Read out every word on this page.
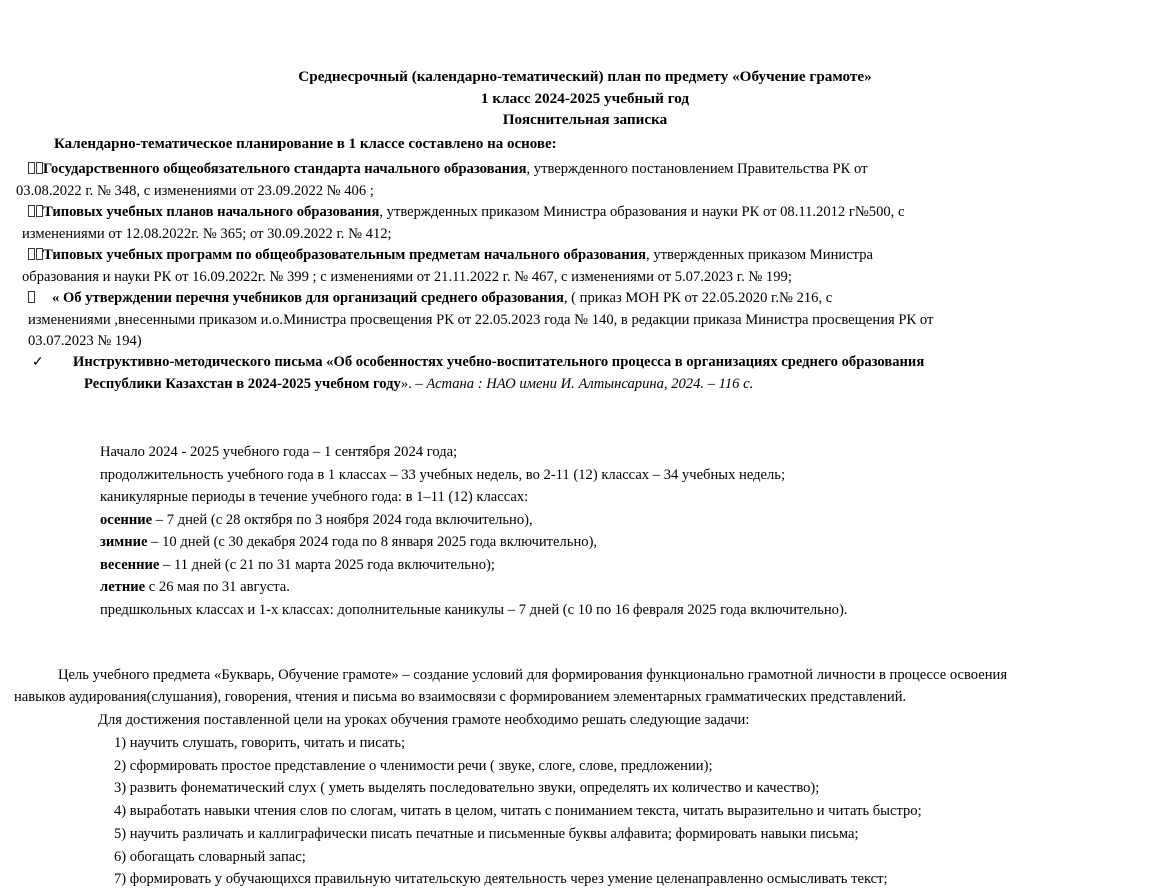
Среднесрочный (календарно-тематический) план по предмету «Обучение грамоте»
1 класс 2024-2025 учебный год
Пояснительная записка
Календарно-тематическое планирование в 1 классе составлено на основе:
Государственного общеобязательного стандарта начального образования, утвержденного постановлением Правительства РК от
03.08.2022 г. № 348, с изменениями от 23.09.2022 № 406 ;
Типовых учебных планов начального образования, утвержденных приказом Министра образования и науки РК от 08.11.2012 г№500, с
изменениями от 12.08.2022г. № 365; от 30.09.2022 г. № 412;
Типовых учебных программ по общеобразовательным предметам начального образования, утвержденных приказом Министра
образования и науки РК от 16.09.2022г. № 399 ; с изменениями от 21.11.2022 г. № 467, с изменениями от 5.07.2023 г. № 199;
« Об утверждении перечня учебников для организаций среднего образования, ( приказ МОН РК от 22.05.2020 г.№ 216, с
изменениями ,внесенными приказом и.о.Министра просвещения РК от 22.05.2023 года № 140, в редакции приказа Министра просвещения РК от
03.07.2023 № 194)
✓ Инструктивно-методического письма «Об особенностях учебно-воспитательного процесса в организациях среднего образования
Республики Казахстан в 2024-2025 учебном году». – Астана : НАО имени И. Алтынсарина, 2024. – 116 с.
Начало 2024 - 2025 учебного года – 1 сентября 2024 года;
продолжительность учебного года в 1 классах – 33 учебных недель, во 2-11 (12) классах – 34 учебных недель;
каникулярные периоды в течение учебного года: в 1–11 (12) классах:
осенние – 7 дней (с 28 октября по 3 ноября 2024 года включительно),
зимние – 10 дней (с 30 декабря 2024 года по 8 января 2025 года включительно),
весенние – 11 дней (с 21 по 31 марта 2025 года включительно);
летние с 26 мая по 31 августа.
предшкольных классах и 1-х классах: дополнительные каникулы – 7 дней (с 10 по 16 февраля 2025 года включительно).
Цель учебного предмета «Букварь, Обучение грамоте» – создание условий для формирования функционально грамотной личности в процессе освоения
навыков аудирования(слушания), говорения, чтения и письма во взаимосвязи с формированием элементарных грамматических представлений.
Для достижения поставленной цели на уроках обучения грамоте необходимо решать следующие задачи:
1) научить слушать, говорить, читать и писать;
2) сформировать простое представление о членимости речи ( звуке, слоге, слове, предложении);
3) развить фонематический слух ( уметь выделять последовательно звуки, определять их количество и качество);
4) выработать навыки чтения слов по слогам, читать в целом, читать с пониманием текста, читать выразительно и читать быстро;
5) научить различать и каллиграфически писать печатные и письменные буквы алфавита; формировать навыки письма;
6) обогащать словарный запас;
7) формировать у обучающихся правильную читательскую деятельность через умение целенаправленно осмысливать текст;
